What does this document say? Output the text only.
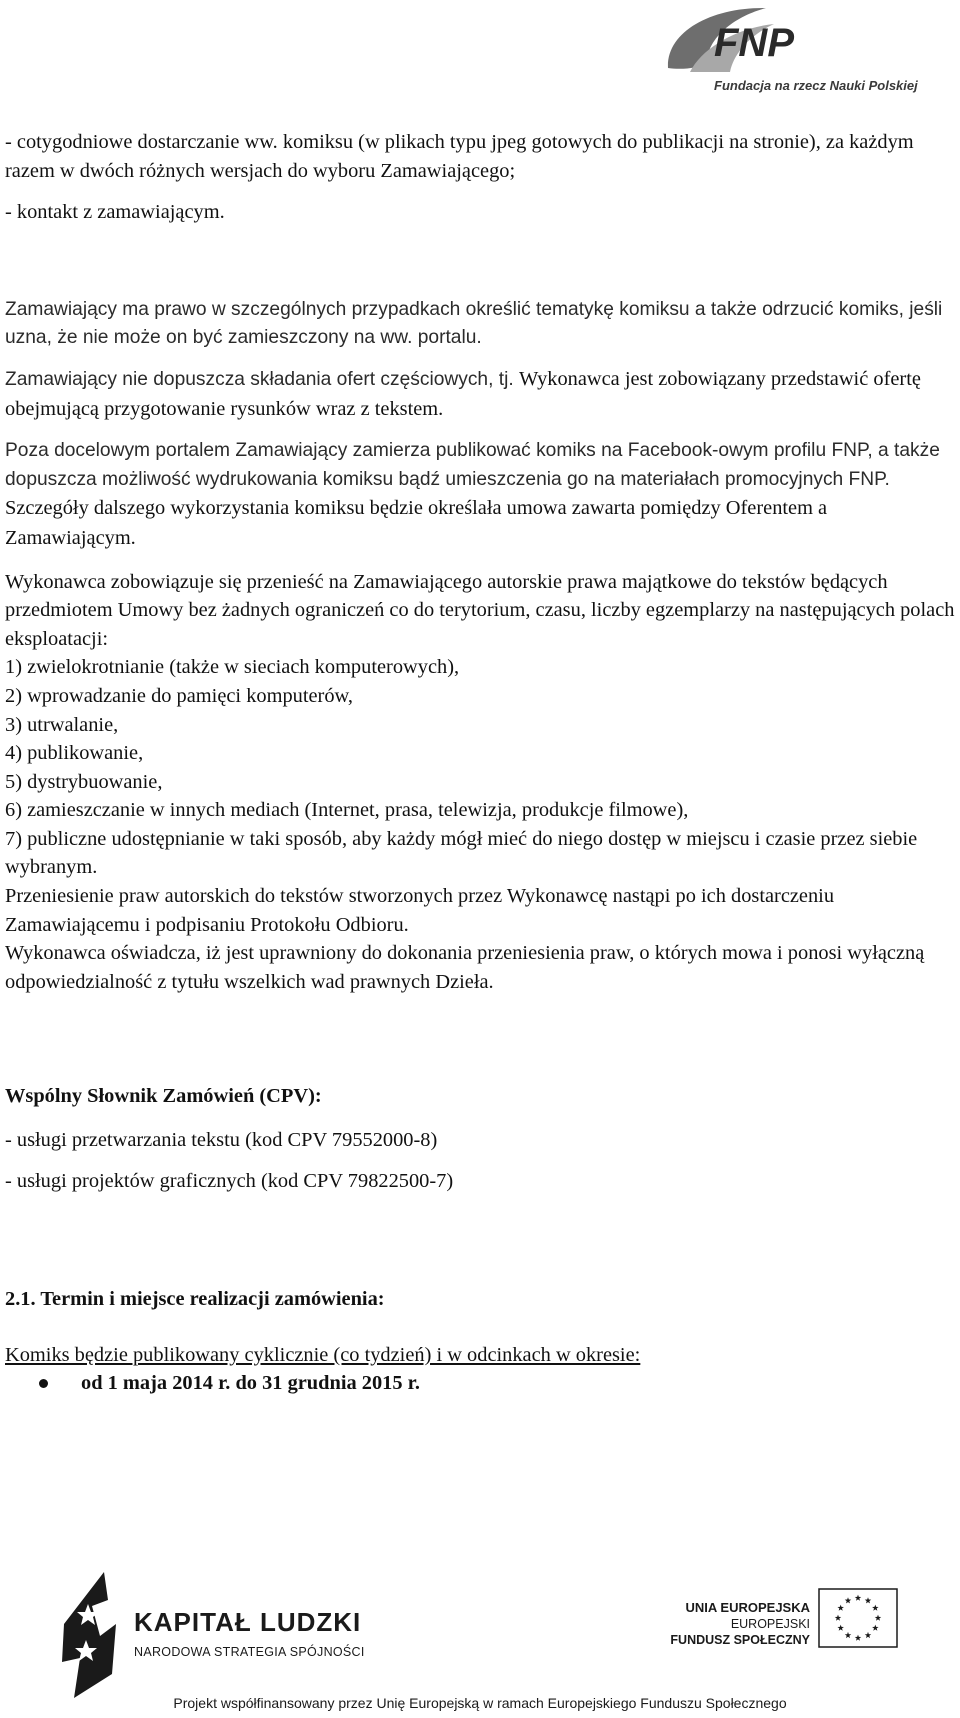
FNP
Fundacja na rzecz Nauki Polskiej

- cotygodniowe dostarczanie ww. komiksu (w plikach typu jpeg gotowych do publikacji na stronie), za każdym razem w dwóch różnych wersjach do wyboru Zamawiającego;

- kontakt z zamawiającym.

Zamawiający ma prawo w szczególnych przypadkach określić tematykę komiksu a także odrzucić komiks, jeśli uzna, że nie może on być zamieszczony na ww. portalu.

Zamawiający nie dopuszcza składania ofert częściowych, tj. Wykonawca jest zobowiązany przedstawić ofertę obejmującą przygotowanie rysunków wraz z tekstem.

Poza docelowym portalem Zamawiający zamierza publikować komiks na Facebook-owym profilu FNP, a także dopuszcza możliwość wydrukowania komiksu bądź umieszczenia go na materiałach promocyjnych FNP. Szczegóły dalszego wykorzystania komiksu będzie określała umowa zawarta pomiędzy Oferentem a Zamawiającym.

Wykonawca zobowiązuje się przenieść na Zamawiającego autorskie prawa majątkowe do tekstów będących przedmiotem Umowy bez żadnych ograniczeń co do terytorium, czasu, liczby egzemplarzy na następujących polach eksploatacji:

1) zwielokrotnianie (także w sieciach komputerowych),

2) wprowadzanie do pamięci komputerów,

3) utrwalanie,

4) publikowanie,

5) dystrybuowanie,

6) zamieszczanie w innych mediach (Internet, prasa, telewizja, produkcje filmowe),

7) publiczne udostępnianie w taki sposób, aby każdy mógł mieć do niego dostęp w miejscu i czasie przez siebie wybranym.

Przeniesienie praw autorskich do tekstów stworzonych przez Wykonawcę nastąpi po ich dostarczeniu Zamawiającemu i podpisaniu Protokołu Odbioru.

Wykonawca oświadcza, iż jest uprawniony do dokonania przeniesienia praw, o których mowa i ponosi wyłączną odpowiedzialność z tytułu wszelkich wad prawnych Dzieła.

Wspólny Słownik Zamówień (CPV):

- usługi przetwarzania tekstu (kod CPV 79552000-8)

- usługi projektów graficznych (kod CPV 79822500-7)

2.1. Termin i miejsce realizacji zamówienia:

Komiks będzie publikowany cyklicznie (co tydzień) i w odcinkach w okresie:

od 1 maja 2014 r. do 31 grudnia 2015 r.
KAPITAŁ LUDZKI
NARODOWA STRATEGIA SPÓJNOŚCI
UNIA EUROPEJSKA
EUROPEJSKI
FUNDUSZ SPOŁECZNY
Projekt współfinansowany przez Unię Europejską w ramach Europejskiego Funduszu Społecznego
